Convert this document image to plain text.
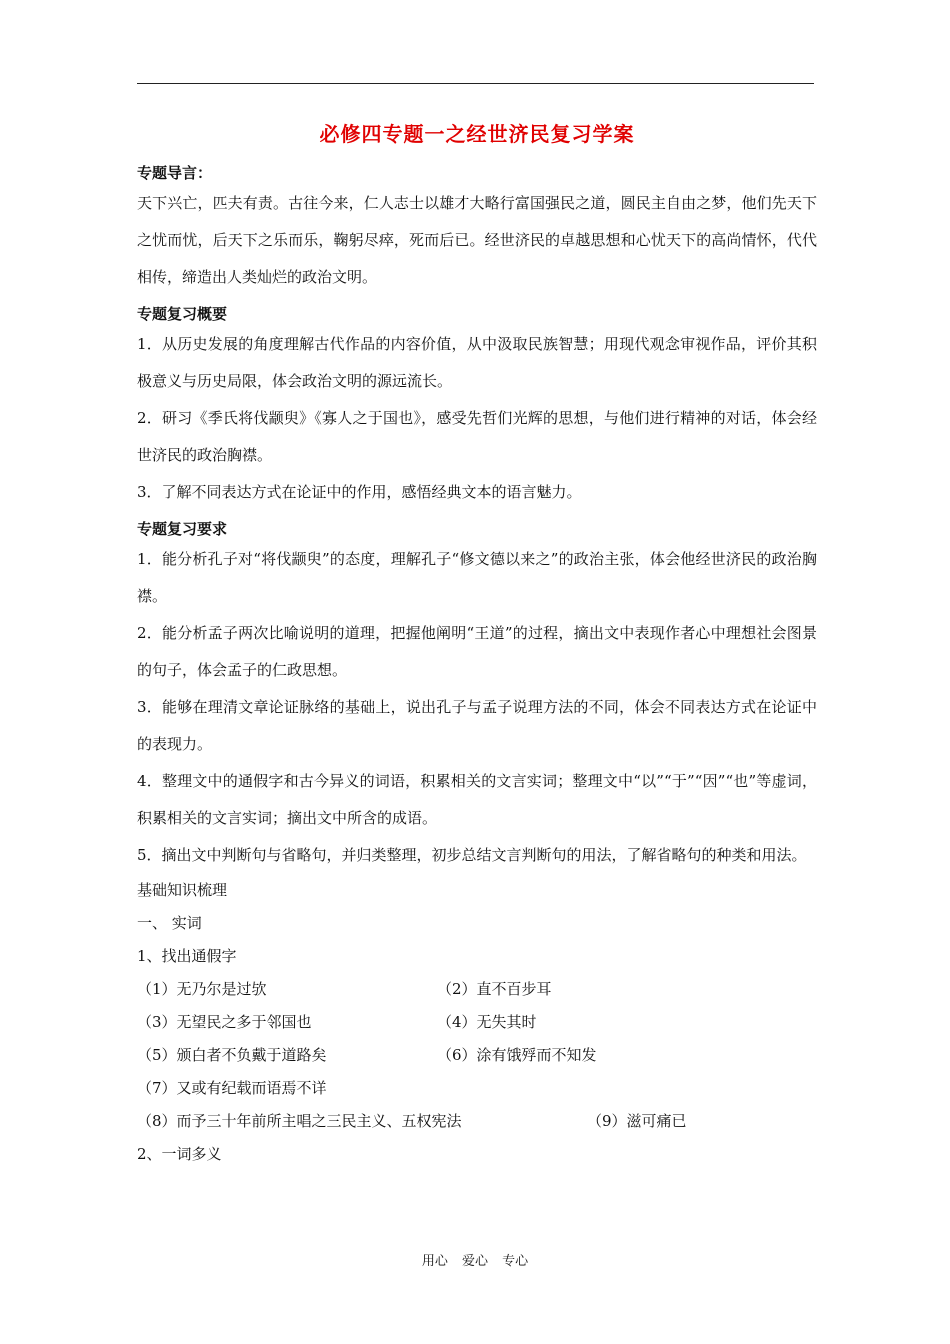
必修四专题一之经世济民复习学案

专题导言：

天下兴亡，匹夫有责。古往今来，仁人志士以雄才大略行富国强民之道，圆民主自由之梦，他们先天下之忧而忧，后天下之乐而乐，鞠躬尽瘁，死而后已。经世济民的卓越思想和心忧天下的高尚情怀，代代相传，缔造出人类灿烂的政治文明。

专题复习概要

1．从历史发展的角度理解古代作品的内容价值，从中汲取民族智慧；用现代观念审视作品，评价其积极意义与历史局限，体会政治文明的源远流长。

2．研习《季氏将伐颛臾》《寡人之于国也》，感受先哲们光辉的思想，与他们进行精神的对话，体会经世济民的政治胸襟。

3．了解不同表达方式在论证中的作用，感悟经典文本的语言魅力。

专题复习要求

1．能分析孔子对“将伐颛臾”的态度，理解孔子“修文德以来之”的政治主张，体会他经世济民的政治胸襟。

2．能分析孟子两次比喻说明的道理，把握他阐明“王道”的过程，摘出文中表现作者心中理想社会图景的句子，体会孟子的仁政思想。

3．能够在理清文章论证脉络的基础上，说出孔子与孟子说理方法的不同，体会不同表达方式在论证中的表现力。

4．整理文中的通假字和古今异义的词语，积累相关的文言实词；整理文中“以”“于”“因”“也”等虚词，积累相关的文言实词；摘出文中所含的成语。

5．摘出文中判断句与省略句，并归类整理，初步总结文言判断句的用法，了解省略句的种类和用法。

基础知识梳理

一、 实词

1、找出通假字

（1）无乃尔是过欤	（2）直不百步耳
（3）无望民之多于邻国也	（4）无失其时
（5）颁白者不负戴于道路矣	（6）涂有饿殍而不知发
（7）又或有纪载而语焉不详
（8）而予三十年前所主唱之三民主义、五权宪法	（9）滋可痛已

2、一词多义

用心 爱心 专心
